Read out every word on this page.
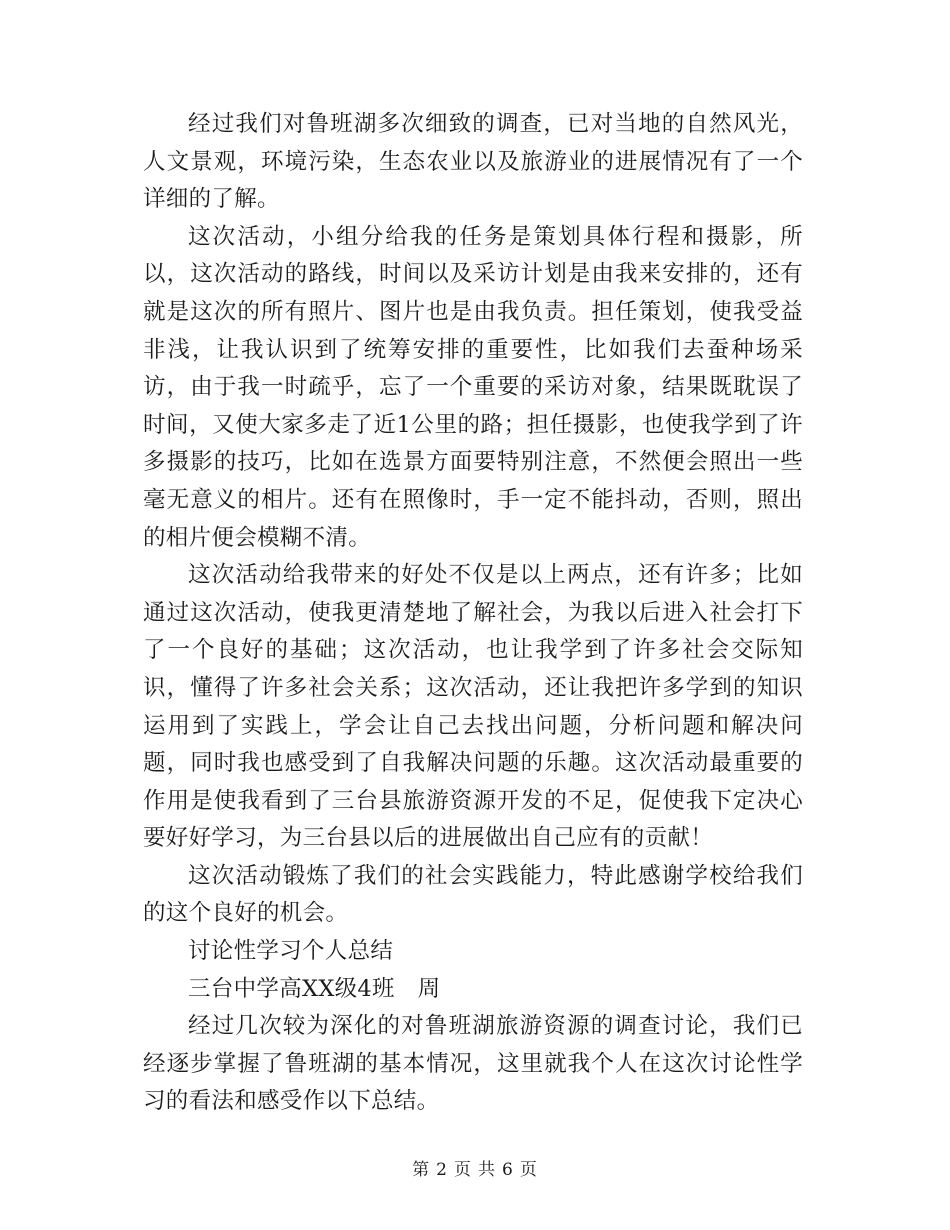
经过我们对鲁班湖多次细致的调查，已对当地的自然风光，人文景观，环境污染，生态农业以及旅游业的进展情况有了一个详细的了解。

这次活动，小组分给我的任务是策划具体行程和摄影，所以，这次活动的路线，时间以及采访计划是由我来安排的，还有就是这次的所有照片、图片也是由我负责。担任策划，使我受益非浅，让我认识到了统筹安排的重要性，比如我们去蚕种场采访，由于我一时疏乎，忘了一个重要的采访对象，结果既耽误了时间，又使大家多走了近1公里的路；担任摄影，也使我学到了许多摄影的技巧，比如在选景方面要特别注意，不然便会照出一些毫无意义的相片。还有在照像时，手一定不能抖动，否则，照出的相片便会模糊不清。

这次活动给我带来的好处不仅是以上两点，还有许多；比如通过这次活动，使我更清楚地了解社会，为我以后进入社会打下了一个良好的基础；这次活动，也让我学到了许多社会交际知识，懂得了许多社会关系；这次活动，还让我把许多学到的知识运用到了实践上，学会让自己去找出问题，分析问题和解决问题，同时我也感受到了自我解决问题的乐趣。这次活动最重要的作用是使我看到了三台县旅游资源开发的不足，促使我下定决心要好好学习，为三台县以后的进展做出自己应有的贡献！

这次活动锻炼了我们的社会实践能力，特此感谢学校给我们的这个良好的机会。

讨论性学习个人总结

三台中学高XX级4班　周

经过几次较为深化的对鲁班湖旅游资源的调查讨论，我们已经逐步掌握了鲁班湖的基本情况，这里就我个人在这次讨论性学习的看法和感受作以下总结。

第 2 页 共 6 页
